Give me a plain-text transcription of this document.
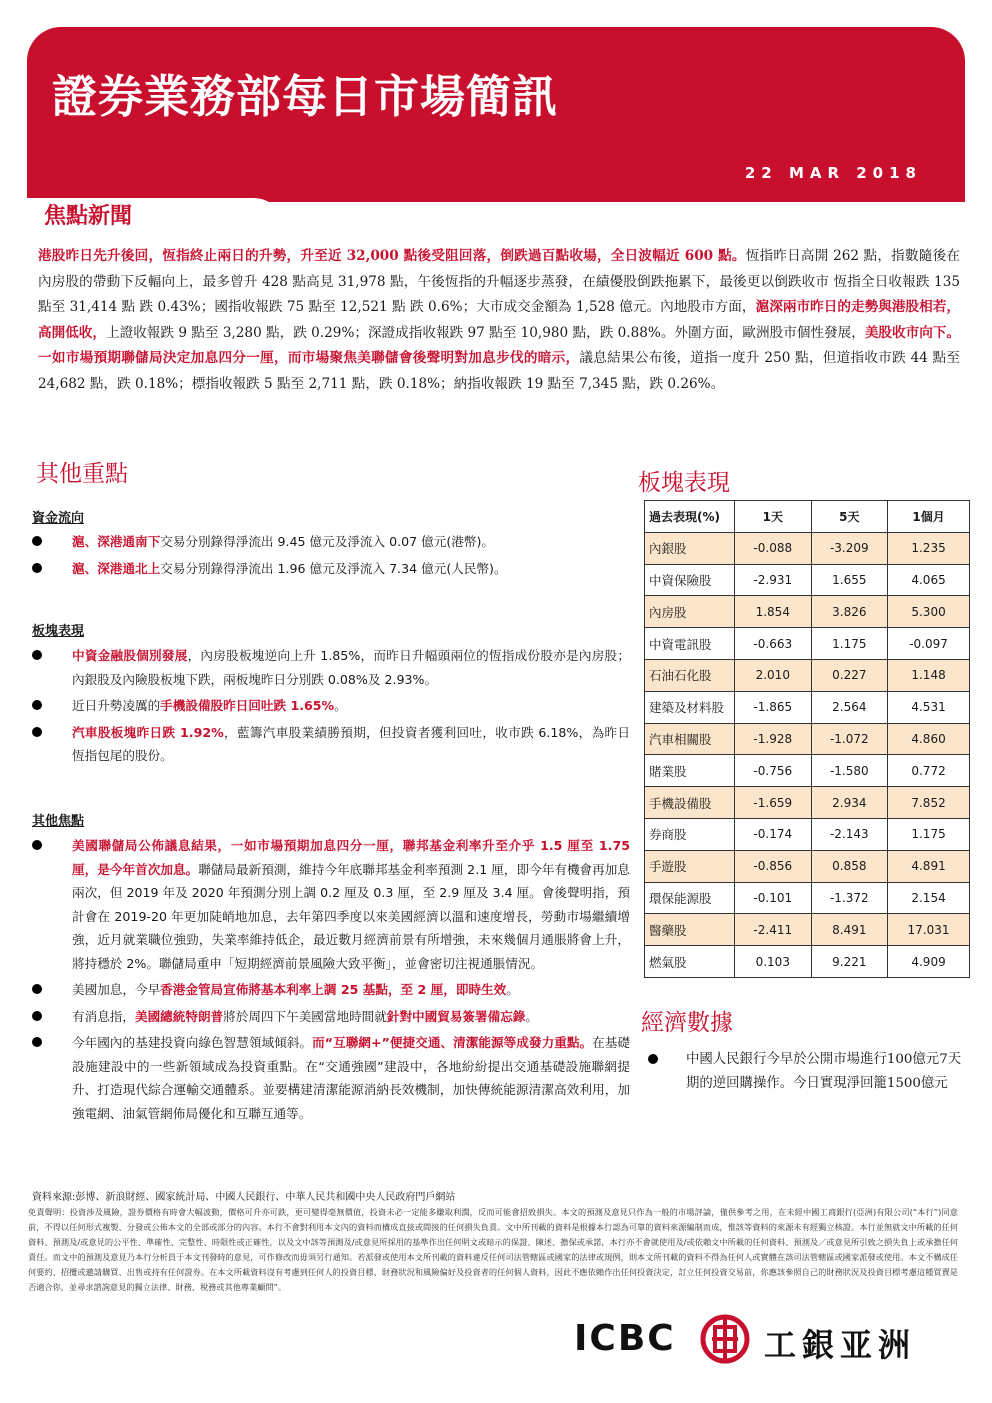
證券業務部每日市場簡訊
22 MAR 2018
焦點新聞
港股昨日先升後回，恆指終止兩日的升勢，升至近 32,000 點後受阻回落，倒跌過百點收場，全日波幅近 600 點。恆指昨日高開 262 點，指數隨後在內房股的帶動下反輻向上，最多曾升 428 點高見 31,978 點，午後恆指的升幅逐步蒸發，在績優股倒跌拖累下，最後更以倒跌收市 恆指全日收報跌 135 點至 31,414 點 跌 0.43%；國指收報跌 75 點至 12,521 點 跌 0.6%；大市成交金額為 1,528 億元。內地股市方面，滬深兩市昨日的走勢與港股相若，高開低收，上證收報跌 9 點至 3,280 點，跌 0.29%；深證成指收報跌 97 點至 10,980 點，跌 0.88%。外圍方面，歐洲股市個性發展，美股收市向下。一如市場預期聯儲局決定加息四分一厘，而市場聚焦美聯儲會後聲明對加息步伐的暗示，議息結果公布後，道指一度升 250 點，但道指收市跌 44 點至 24,682 點，跌 0.18%；標指收報跌 5 點至 2,711 點，跌 0.18%；納指收報跌 19 點至 7,345 點，跌 0.26%。
其他重點
資金流向
滬、深港通南下交易分別錄得淨流出 9.45 億元及淨流入 0.07 億元(港幣)。
滬、深港通北上交易分別錄得淨流出 1.96 億元及淨流入 7.34 億元(人民幣)。
板塊表現
中資金融股個別發展，內房股板塊逆向上升 1.85%，而昨日升幅頭兩位的恆指成份股亦是內房股；內銀股及內險股板塊下跌，兩板塊昨日分別跌 0.08%及 2.93%。
近日升勢凌厲的手機設備股昨日回吐跌 1.65%。
汽車股板塊昨日跌 1.92%，藍籌汽車股業績勝預期，但投資者獲利回吐，收市跌 6.18%，為昨日恆指包尾的股份。
其他焦點
美國聯儲局公佈議息結果，一如市場預期加息四分一厘，聯邦基金利率升至介乎 1.5 厘至 1.75 厘，是今年首次加息。聯儲局最新預測，維持今年底聯邦基金利率預測 2.1 厘，即今年有機會再加息兩次，但 2019 年及 2020 年預測分別上調 0.2 厘及 0.3 厘，至 2.9 厘及 3.4 厘。會後聲明指，預計會在 2019-20 年更加陡峭地加息，去年第四季度以來美國經濟以溫和速度增長，勞動市場繼續增強，近月就業職位強勁，失業率維持低企，最近數月經濟前景有所增強，未來幾個月通脹將會上升，將持穩於 2%。聯儲局重申「短期經濟前景風險大致平衡」，並會密切注視通脹情況。
美國加息，今早香港金管局宣佈將基本利率上調 25 基點，至 2 厘，即時生效。
有消息指，美國總統特朗普將於周四下午美國當地時間就針對中國貿易簽署備忘錄。
今年國內的基建投資向綠色智慧領域傾斜。而“互聯網+”便捷交通、清潔能源等成發力重點。在基礎設施建設中的一些新領域成為投資重點。在“交通強國”建設中，各地紛紛提出交通基礎設施聯網提升、打造現代綜合運輸交通體系。並要構建清潔能源消納長效機制，加快傳統能源清潔高效利用，加強電網、油氣管網佈局優化和互聯互通等。
板塊表現
過去表現(%)	1天	5天	1個月
內銀股	-0.088	-3.209	1.235
中資保險股	-2.931	1.655	4.065
內房股	1.854	3.826	5.300
中資電訊股	-0.663	1.175	-0.097
石油石化股	2.010	0.227	1.148
建築及材料股	-1.865	2.564	4.531
汽車相關股	-1.928	-1.072	4.860
賭業股	-0.756	-1.580	0.772
手機設備股	-1.659	2.934	7.852
券商股	-0.174	-2.143	1.175
手遊股	-0.856	0.858	4.891
環保能源股	-0.101	-1.372	2.154
醫藥股	-2.411	8.491	17.031
燃氣股	0.103	9.221	4.909
經濟數據
中國人民銀行今早於公開市場進行100億元7天期的逆回購操作。今日實現淨回籠1500億元
資料來源:彭博、新浪財經、國家統計局、中國人民銀行、中華人民共和國中央人民政府門戶網站
免責聲明：投資涉及風險，證券價格有時會大幅波動，價格可升亦可跌，更可變得毫無價值，投資未必一定能多賺取利潤，反而可能會招致損失。本文的預測及意見只作為一般的市場評論，僅供參考之用，在未經中國工商銀行(亞洲)有限公司(“本行”)同意前，不得以任何形式複製、分發或公佈本文的全部或部分的內容。本行不會對利用本文內的資料而構成直接或間接的任何損失負責。文中所刊載的資料是根據本行認為可靠的資料來源編制而成，惟該等資料的來源未有經獨立核證。本行並無就文中所載的任何資料、預測及/或意見的公平性、準確性、完整性、時限性或正確性，以及文中該等預測及/或意見所採用的基準作出任何明文或暗示的保證、陳述、擔保或承諾，本行亦不會就使用及/或依賴文中所載的任何資料、預測及／或意見所引致之損失負上或承擔任何責任。而文中的預測及意見乃本行分析員于本文刊發時的意見，可作修改而毋須另行通知。若派發或使用本文所刊載的資料違反任何司法管轄區或國家的法律或規例，則本文所刊載的資料不得為任何人或實體在該司法管轄區或國家派發或使用。本文不構成任何要約、招攬或邀請購買、出售或持有任何證券。在本文所載資料沒有考慮到任何人的投資目標、財務狀況和風險偏好及投資者的任何個人資料，因此不應依賴作出任何投資決定，訂立任何投資交易前，你應該參照自己的財務狀況及投資目標考慮這種買賣是否適合你，並尋求諮詢意見的獨立法律、財務、稅務或其他專業顧問”。
ICBC	工銀亚洲
